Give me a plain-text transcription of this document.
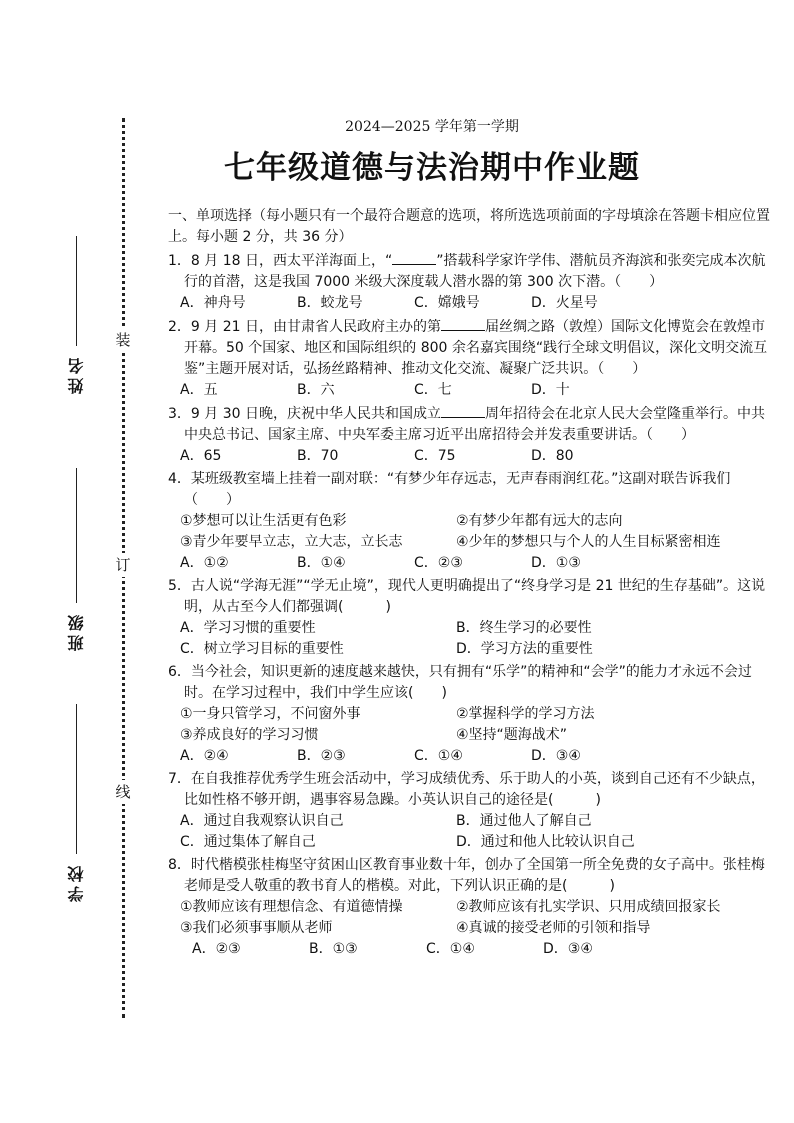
装
订
线
姓名
班级
学校
2024—2025 学年第一学期
七年级道德与法治期中作业题
一、单项选择（每小题只有一个最符合题意的选项，将所选选项前面的字母填涂在答题卡相应位置上。每小题 2 分，共 36 分）
1．8 月 18 日，西太平洋海面上，“	”搭载科学家许学伟、潜航员齐海滨和张奕完成本次航行的首潜，这是我国 7000 米级大深度载人潜水器的第 300 次下潜。（　　）
A．神舟号	B．蛟龙号	C．嫦娥号	D．火星号
2．9 月 21 日，由甘肃省人民政府主办的第	届丝绸之路（敦煌）国际文化博览会在敦煌市开幕。50 个国家、地区和国际组织的 800 余名嘉宾围绕“践行全球文明倡议，深化文明交流互鉴”主题开展对话，弘扬丝路精神、推动文化交流、凝聚广泛共识。（　　）
A．五	B．六	C．七	D．十
3．9 月 30 日晚，庆祝中华人民共和国成立	周年招待会在北京人民大会堂隆重举行。中共中央总书记、国家主席、中央军委主席习近平出席招待会并发表重要讲话。（　　）
A．65	B．70	C．75	D．80
4．某班级教室墙上挂着一副对联：“有梦少年存远志，无声春雨润红花。”这副对联告诉我们（　　）
①梦想可以让生活更有色彩	②有梦少年都有远大的志向
③青少年要早立志，立大志，立长志	④少年的梦想只与个人的人生目标紧密相连
A．①②	B．①④	C．②③	D．①③
5．古人说“学海无涯”“学无止境”，现代人更明确提出了“终身学习是 21 世纪的生存基础”。这说明，从古至今人们都强调(　　　)
A．学习习惯的重要性	B．终生学习的必要性
C．树立学习目标的重要性	D．学习方法的重要性
6．当今社会，知识更新的速度越来越快，只有拥有“乐学”的精神和“会学”的能力才永远不会过时。在学习过程中，我们中学生应该(　　)
①一身只管学习，不问窗外事	②掌握科学的学习方法
③养成良好的学习习惯	④坚持“题海战术”
A．②④	B．②③	C．①④	D．③④
7．在自我推荐优秀学生班会活动中，学习成绩优秀、乐于助人的小英，谈到自己还有不少缺点，比如性格不够开朗，遇事容易急躁。小英认识自己的途径是(　　　)
A．通过自我观察认识自己	B．通过他人了解自己
C．通过集体了解自己	D．通过和他人比较认识自己
8．时代楷模张桂梅坚守贫困山区教育事业数十年，创办了全国第一所全免费的女子高中。张桂梅老师是受人敬重的教书育人的楷模。对此，下列认识正确的是(　　　)
①教师应该有理想信念、有道德情操	②教师应该有扎实学识、只用成绩回报家长
③我们必须事事顺从老师	④真诚的接受老师的引领和指导
A．②③	B．①③	C．①④	D．③④
